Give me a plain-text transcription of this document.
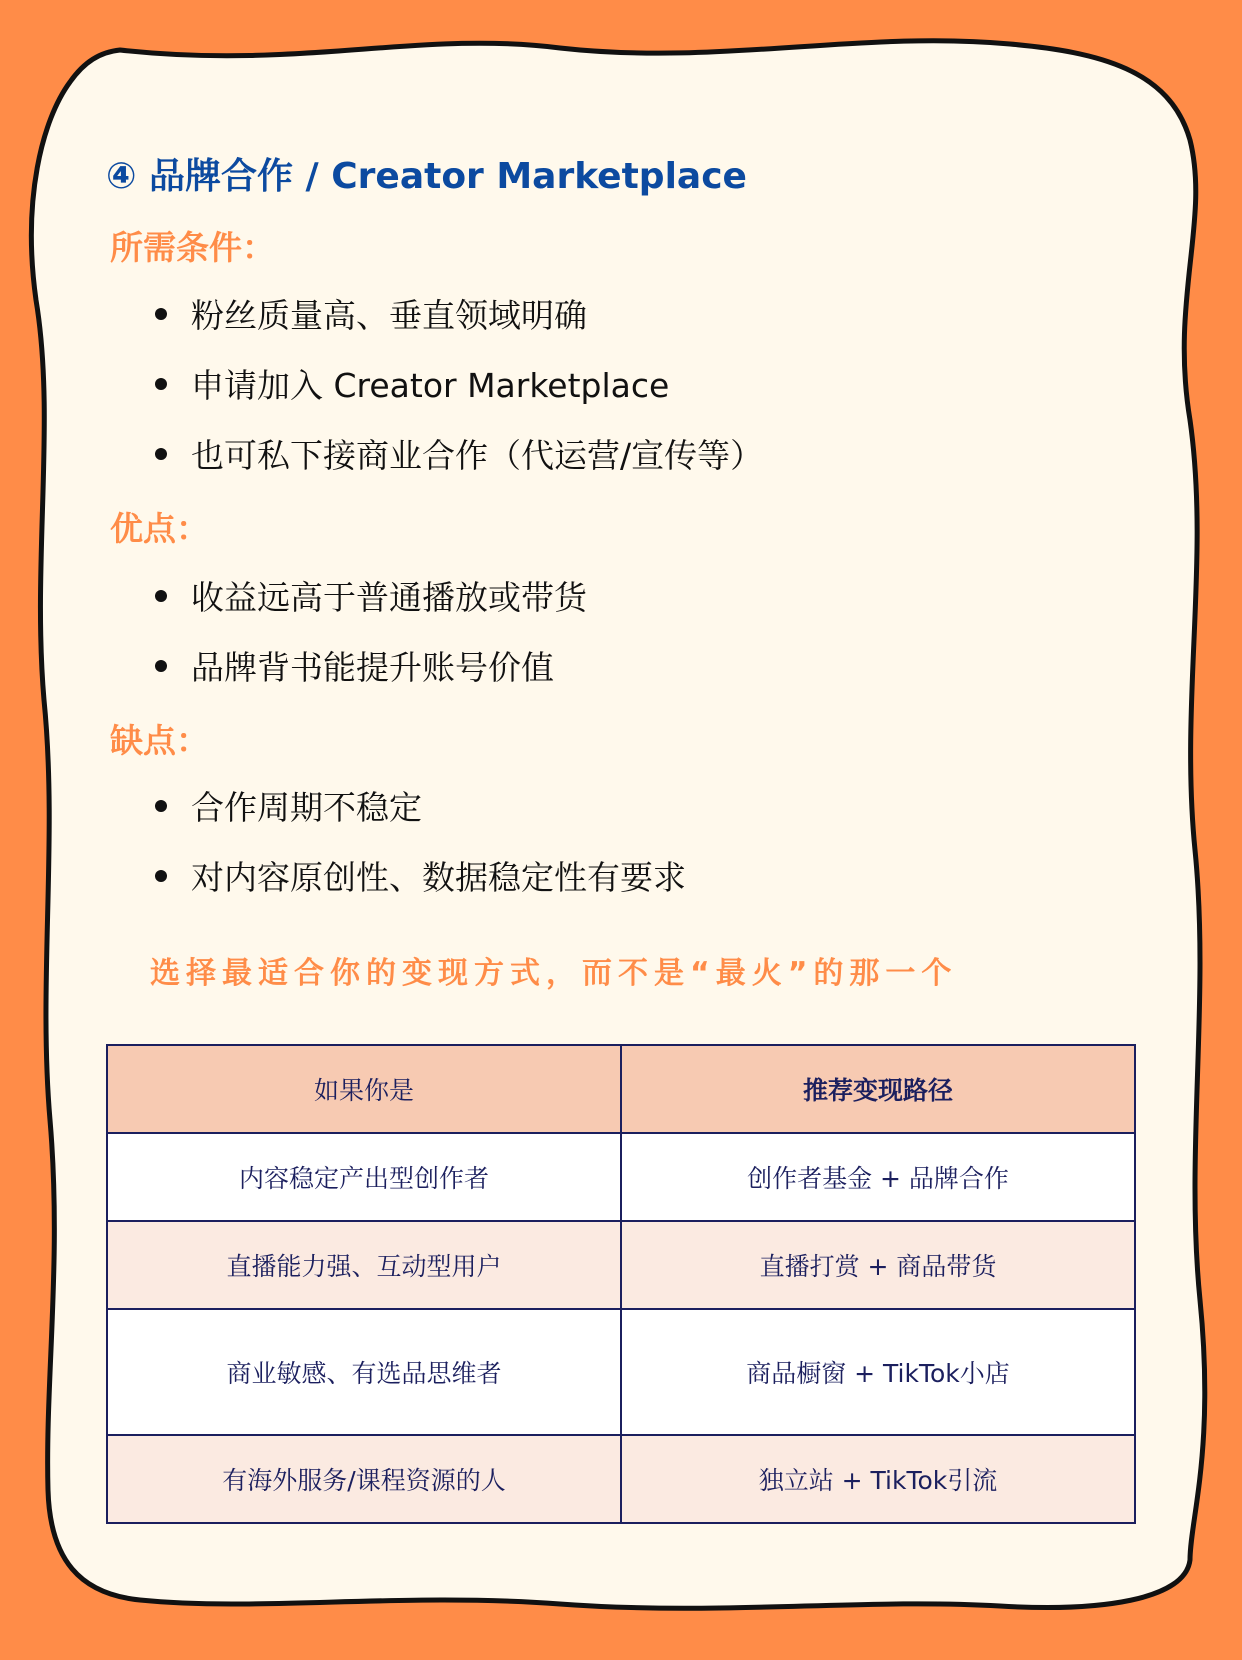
④ 品牌合作 / Creator Marketplace
所需条件：
粉丝质量高、垂直领域明确
申请加入 Creator Marketplace
也可私下接商业合作（代运营/宣传等）
优点：
收益远高于普通播放或带货
品牌背书能提升账号价值
缺点：
合作周期不稳定
对内容原创性、数据稳定性有要求
选择最适合你的变现方式，而不是“最火”的那一个
如果你是	推荐变现路径
内容稳定产出型创作者	创作者基金 + 品牌合作
直播能力强、互动型用户	直播打赏 + 商品带货
商业敏感、有选品思维者	商品橱窗 + TikTok小店
有海外服务/课程资源的人	独立站 + TikTok引流
